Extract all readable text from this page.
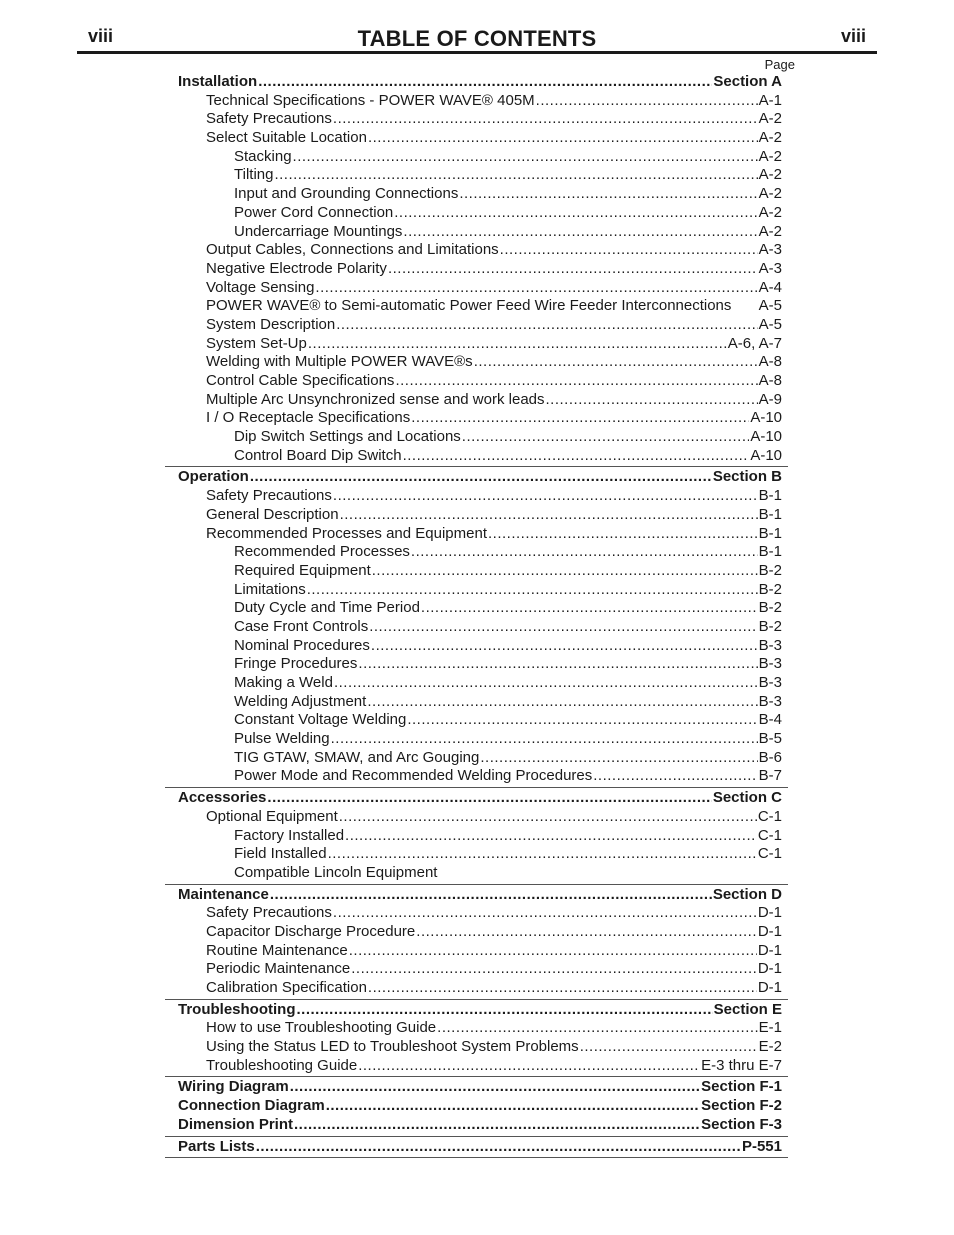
viii	TABLE OF CONTENTS	viii
Page
Installation .....	Section A
Technical Specifications - POWER WAVE® 405M .....	A-1
Safety Precautions .....	A-2
Select Suitable Location .....	A-2
Stacking .....	A-2
Tilting .....	A-2
Input and Grounding Connections .....	A-2
Power Cord Connection .....	A-2
Undercarriage Mountings .....	A-2
Output Cables, Connections and Limitations .....	A-3
Negative Electrode Polarity .....	A-3
Voltage Sensing .....	A-4
POWER WAVE® to Semi-automatic Power Feed Wire Feeder Interconnections A-5
System Description .....	A-5
System Set-Up .....	A-6, A-7
Welding with Multiple POWER WAVE®s .....	A-8
Control Cable Specifications .....	A-8
Multiple Arc Unsynchronized sense and work leads .....	A-9
I / O Receptacle Specifications .....	A-10
Dip Switch Settings and Locations .....	A-10
Control Board Dip Switch .....	A-10
Operation .....	Section B
Safety Precautions .....	B-1
General Description .....	B-1
Recommended Processes and Equipment .....	B-1
Recommended Processes .....	B-1
Required Equipment .....	B-2
Limitations .....	B-2
Duty Cycle and Time Period .....	B-2
Case Front Controls .....	B-2
Nominal Procedures .....	B-3
Fringe Procedures .....	B-3
Making a Weld .....	B-3
Welding Adjustment .....	B-3
Constant Voltage Welding .....	B-4
Pulse Welding .....	B-5
TIG GTAW, SMAW, and Arc Gouging .....	B-6
Power Mode and Recommended Welding Procedures .....	B-7
Accessories .....	Section C
Optional Equipment .....	C-1
Factory Installed .....	C-1
Field Installed .....	C-1
Compatible Lincoln Equipment
Maintenance .....	Section D
Safety Precautions .....	D-1
Capacitor Discharge Procedure .....	D-1
Routine Maintenance .....	D-1
Periodic Maintenance .....	D-1
Calibration Specification .....	D-1
Troubleshooting .....	Section E
How to use Troubleshooting Guide .....	E-1
Using the Status LED to Troubleshoot System Problems .....	E-2
Troubleshooting Guide .....	E-3 thru E-7
Wiring Diagram .....	Section F-1
Connection Diagram .....	Section F-2
Dimension Print .....	Section F-3
Parts Lists .....	P-551
